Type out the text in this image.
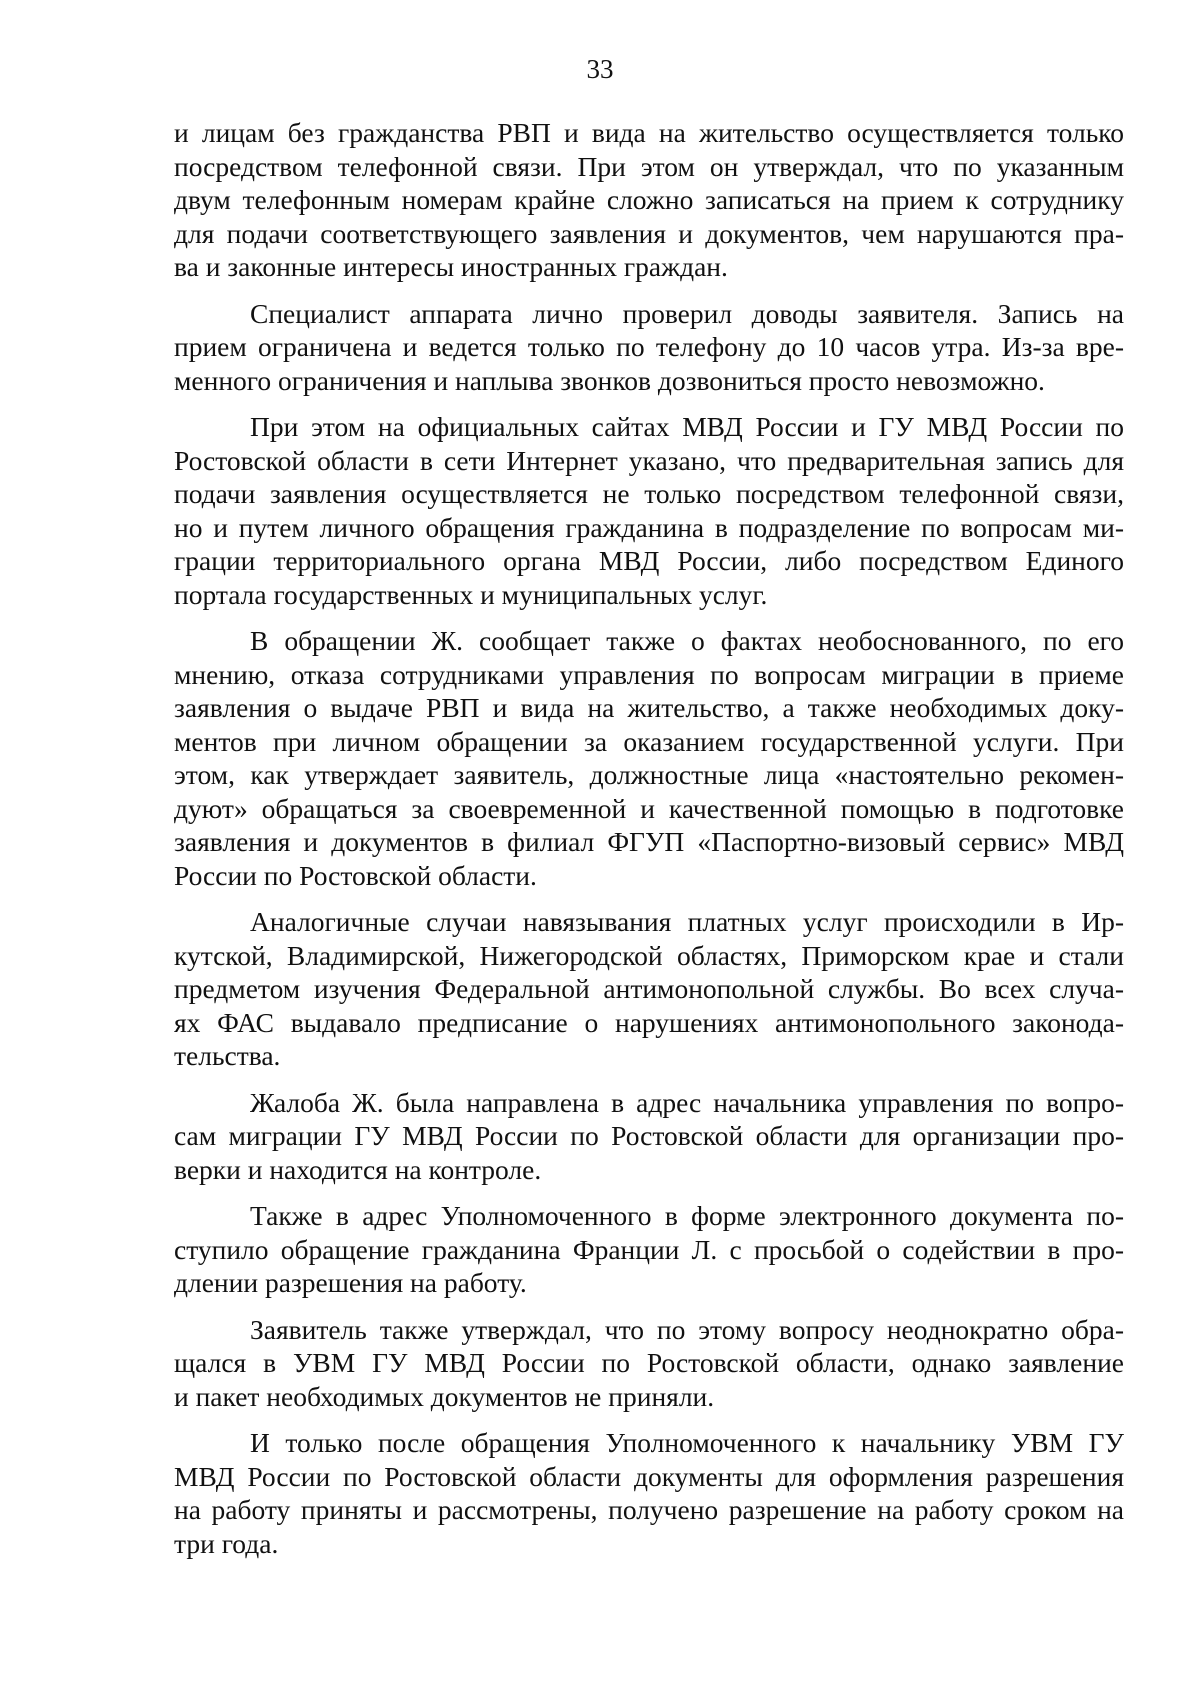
33

и лицам без гражданства РВП и вида на жительство осуществляется только
посредством телефонной связи. При этом он утверждал, что по указанным
двум телефонным номерам крайне сложно записаться на прием к сотруднику
для подачи соответствующего заявления и документов, чем нарушаются пра-
ва и законные интересы иностранных граждан.

Специалист аппарата лично проверил доводы заявителя. Запись на
прием ограничена и ведется только по телефону до 10 часов утра. Из-за вре-
менного ограничения и наплыва звонков дозвониться просто невозможно.

При этом на официальных сайтах МВД России и ГУ МВД России по
Ростовской области в сети Интернет указано, что предварительная запись для
подачи заявления осуществляется не только посредством телефонной связи,
но и путем личного обращения гражданина в подразделение по вопросам ми-
грации территориального органа МВД России, либо посредством Единого
портала государственных и муниципальных услуг.

В обращении Ж. сообщает также о фактах необоснованного, по его
мнению, отказа сотрудниками управления по вопросам миграции в приеме
заявления о выдаче РВП и вида на жительство, а также необходимых доку-
ментов при личном обращении за оказанием государственной услуги. При
этом, как утверждает заявитель, должностные лица «настоятельно рекомен-
дуют» обращаться за своевременной и качественной помощью в подготовке
заявления и документов в филиал ФГУП «Паспортно-визовый сервис» МВД
России по Ростовской области.

Аналогичные случаи навязывания платных услуг происходили в Ир-
кутской, Владимирской, Нижегородской областях, Приморском крае и стали
предметом изучения Федеральной антимонопольной службы. Во всех случа-
ях ФАС выдавало предписание о нарушениях антимонопольного законода-
тельства.

Жалоба Ж. была направлена в адрес начальника управления по вопро-
сам миграции ГУ МВД России по Ростовской области для организации про-
верки и находится на контроле.

Также в адрес Уполномоченного в форме электронного документа по-
ступило обращение гражданина Франции Л. с просьбой о содействии в про-
длении разрешения на работу.

Заявитель также утверждал, что по этому вопросу неоднократно обра-
щался в УВМ ГУ МВД России по Ростовской области, однако заявление
и пакет необходимых документов не приняли.

И только после обращения Уполномоченного к начальнику УВМ ГУ
МВД России по Ростовской области документы для оформления разрешения
на работу приняты и рассмотрены, получено разрешение на работу сроком на
три года.
